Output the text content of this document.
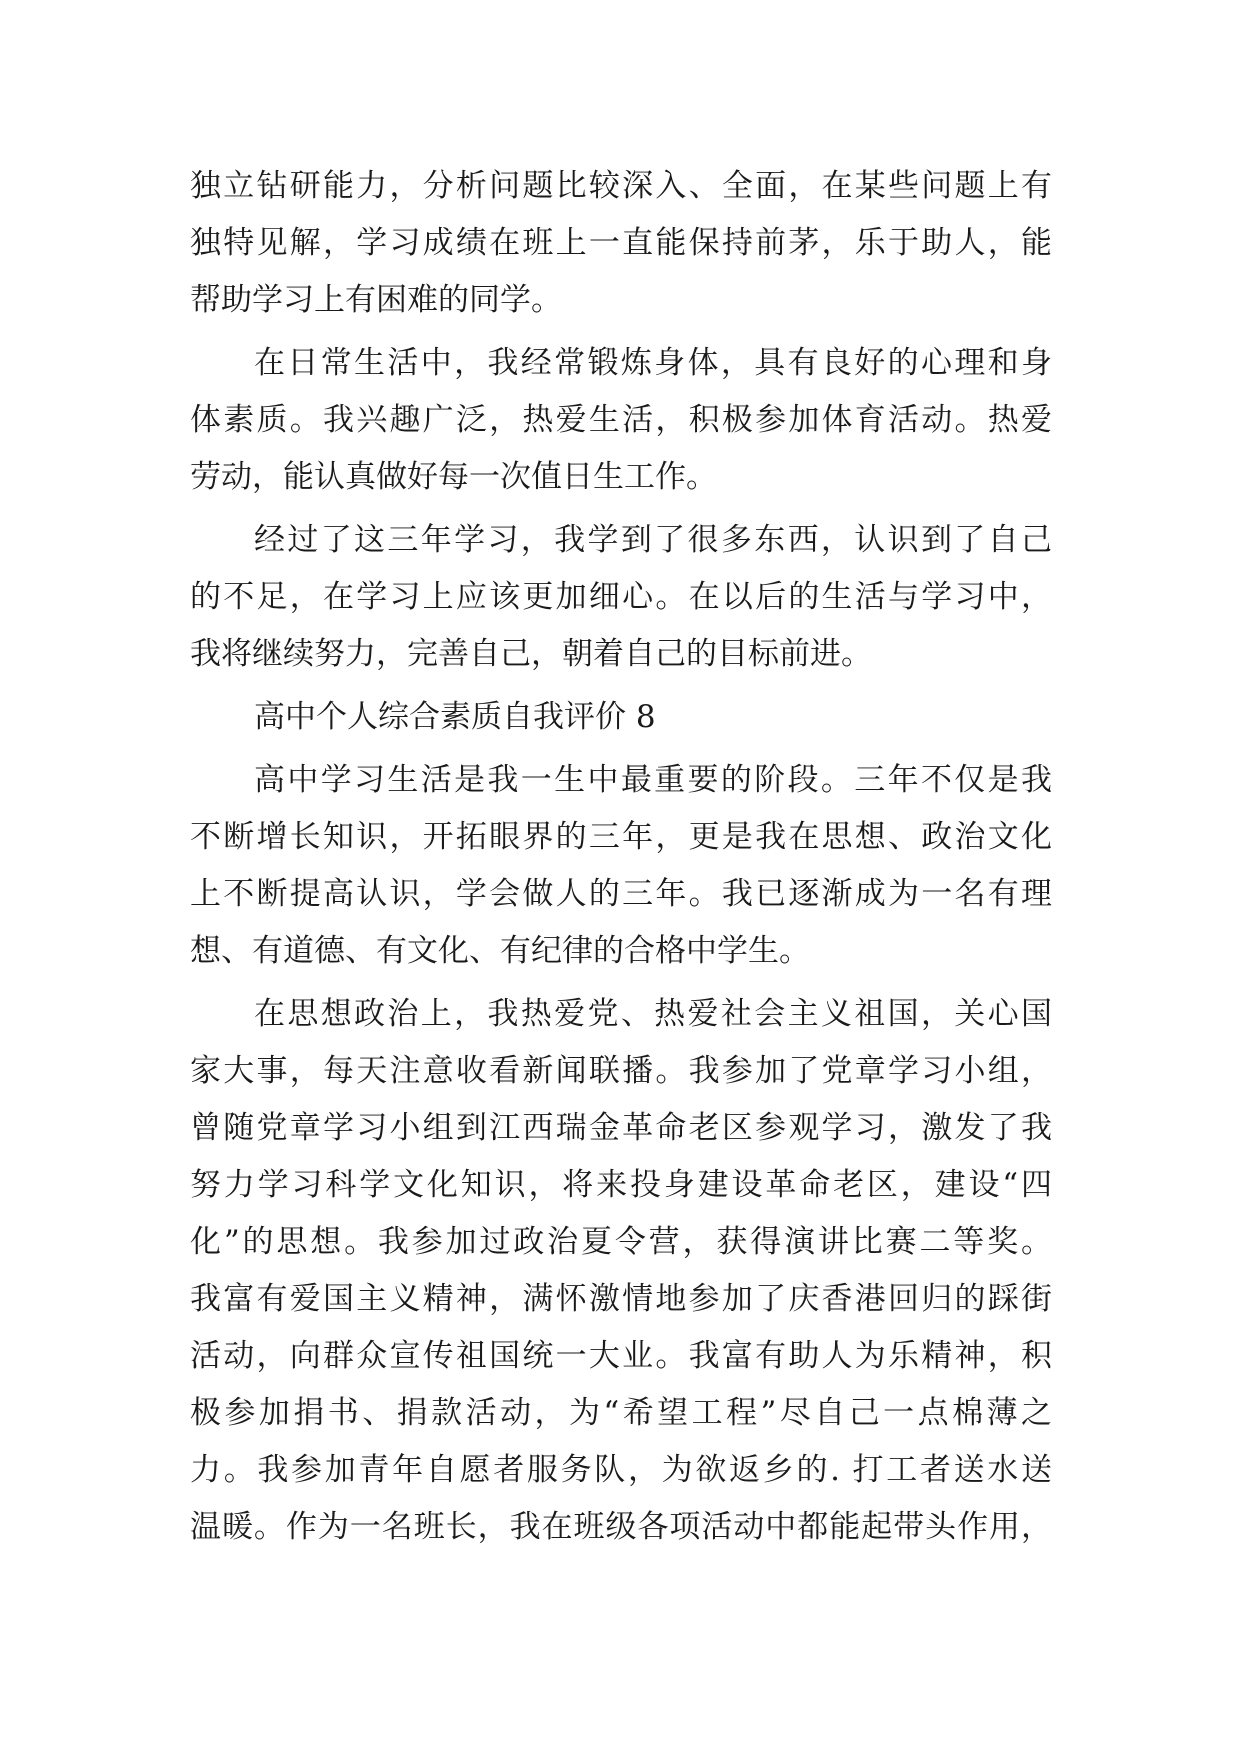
独立钻研能力，分析问题比较深入、全面，在某些问题上有
独特见解，学习成绩在班上一直能保持前茅，乐于助人，能
帮助学习上有困难的同学。
在日常生活中，我经常锻炼身体，具有良好的心理和身
体素质。我兴趣广泛，热爱生活，积极参加体育活动。热爱
劳动，能认真做好每一次值日生工作。
经过了这三年学习，我学到了很多东西，认识到了自己
的不足，在学习上应该更加细心。在以后的生活与学习中，
我将继续努力，完善自己，朝着自己的目标前进。
高中个人综合素质自我评价 8
高中学习生活是我一生中最重要的阶段。三年不仅是我
不断增长知识，开拓眼界的三年，更是我在思想、政治文化
上不断提高认识，学会做人的三年。我已逐渐成为一名有理
想、有道德、有文化、有纪律的合格中学生。
在思想政治上，我热爱党、热爱社会主义祖国，关心国
家大事，每天注意收看新闻联播。我参加了党章学习小组，
曾随党章学习小组到江西瑞金革命老区参观学习，激发了我
努力学习科学文化知识，将来投身建设革命老区，建设“四
化”的思想。我参加过政治夏令营，获得演讲比赛二等奖。
我富有爱国主义精神，满怀激情地参加了庆香港回归的踩街
活动，向群众宣传祖国统一大业。我富有助人为乐精神，积
极参加捐书、捐款活动，为“希望工程”尽自己一点棉薄之
力。我参加青年自愿者服务队，为欲返乡的. 打工者送水送
温暖。作为一名班长，我在班级各项活动中都能起带头作用，
